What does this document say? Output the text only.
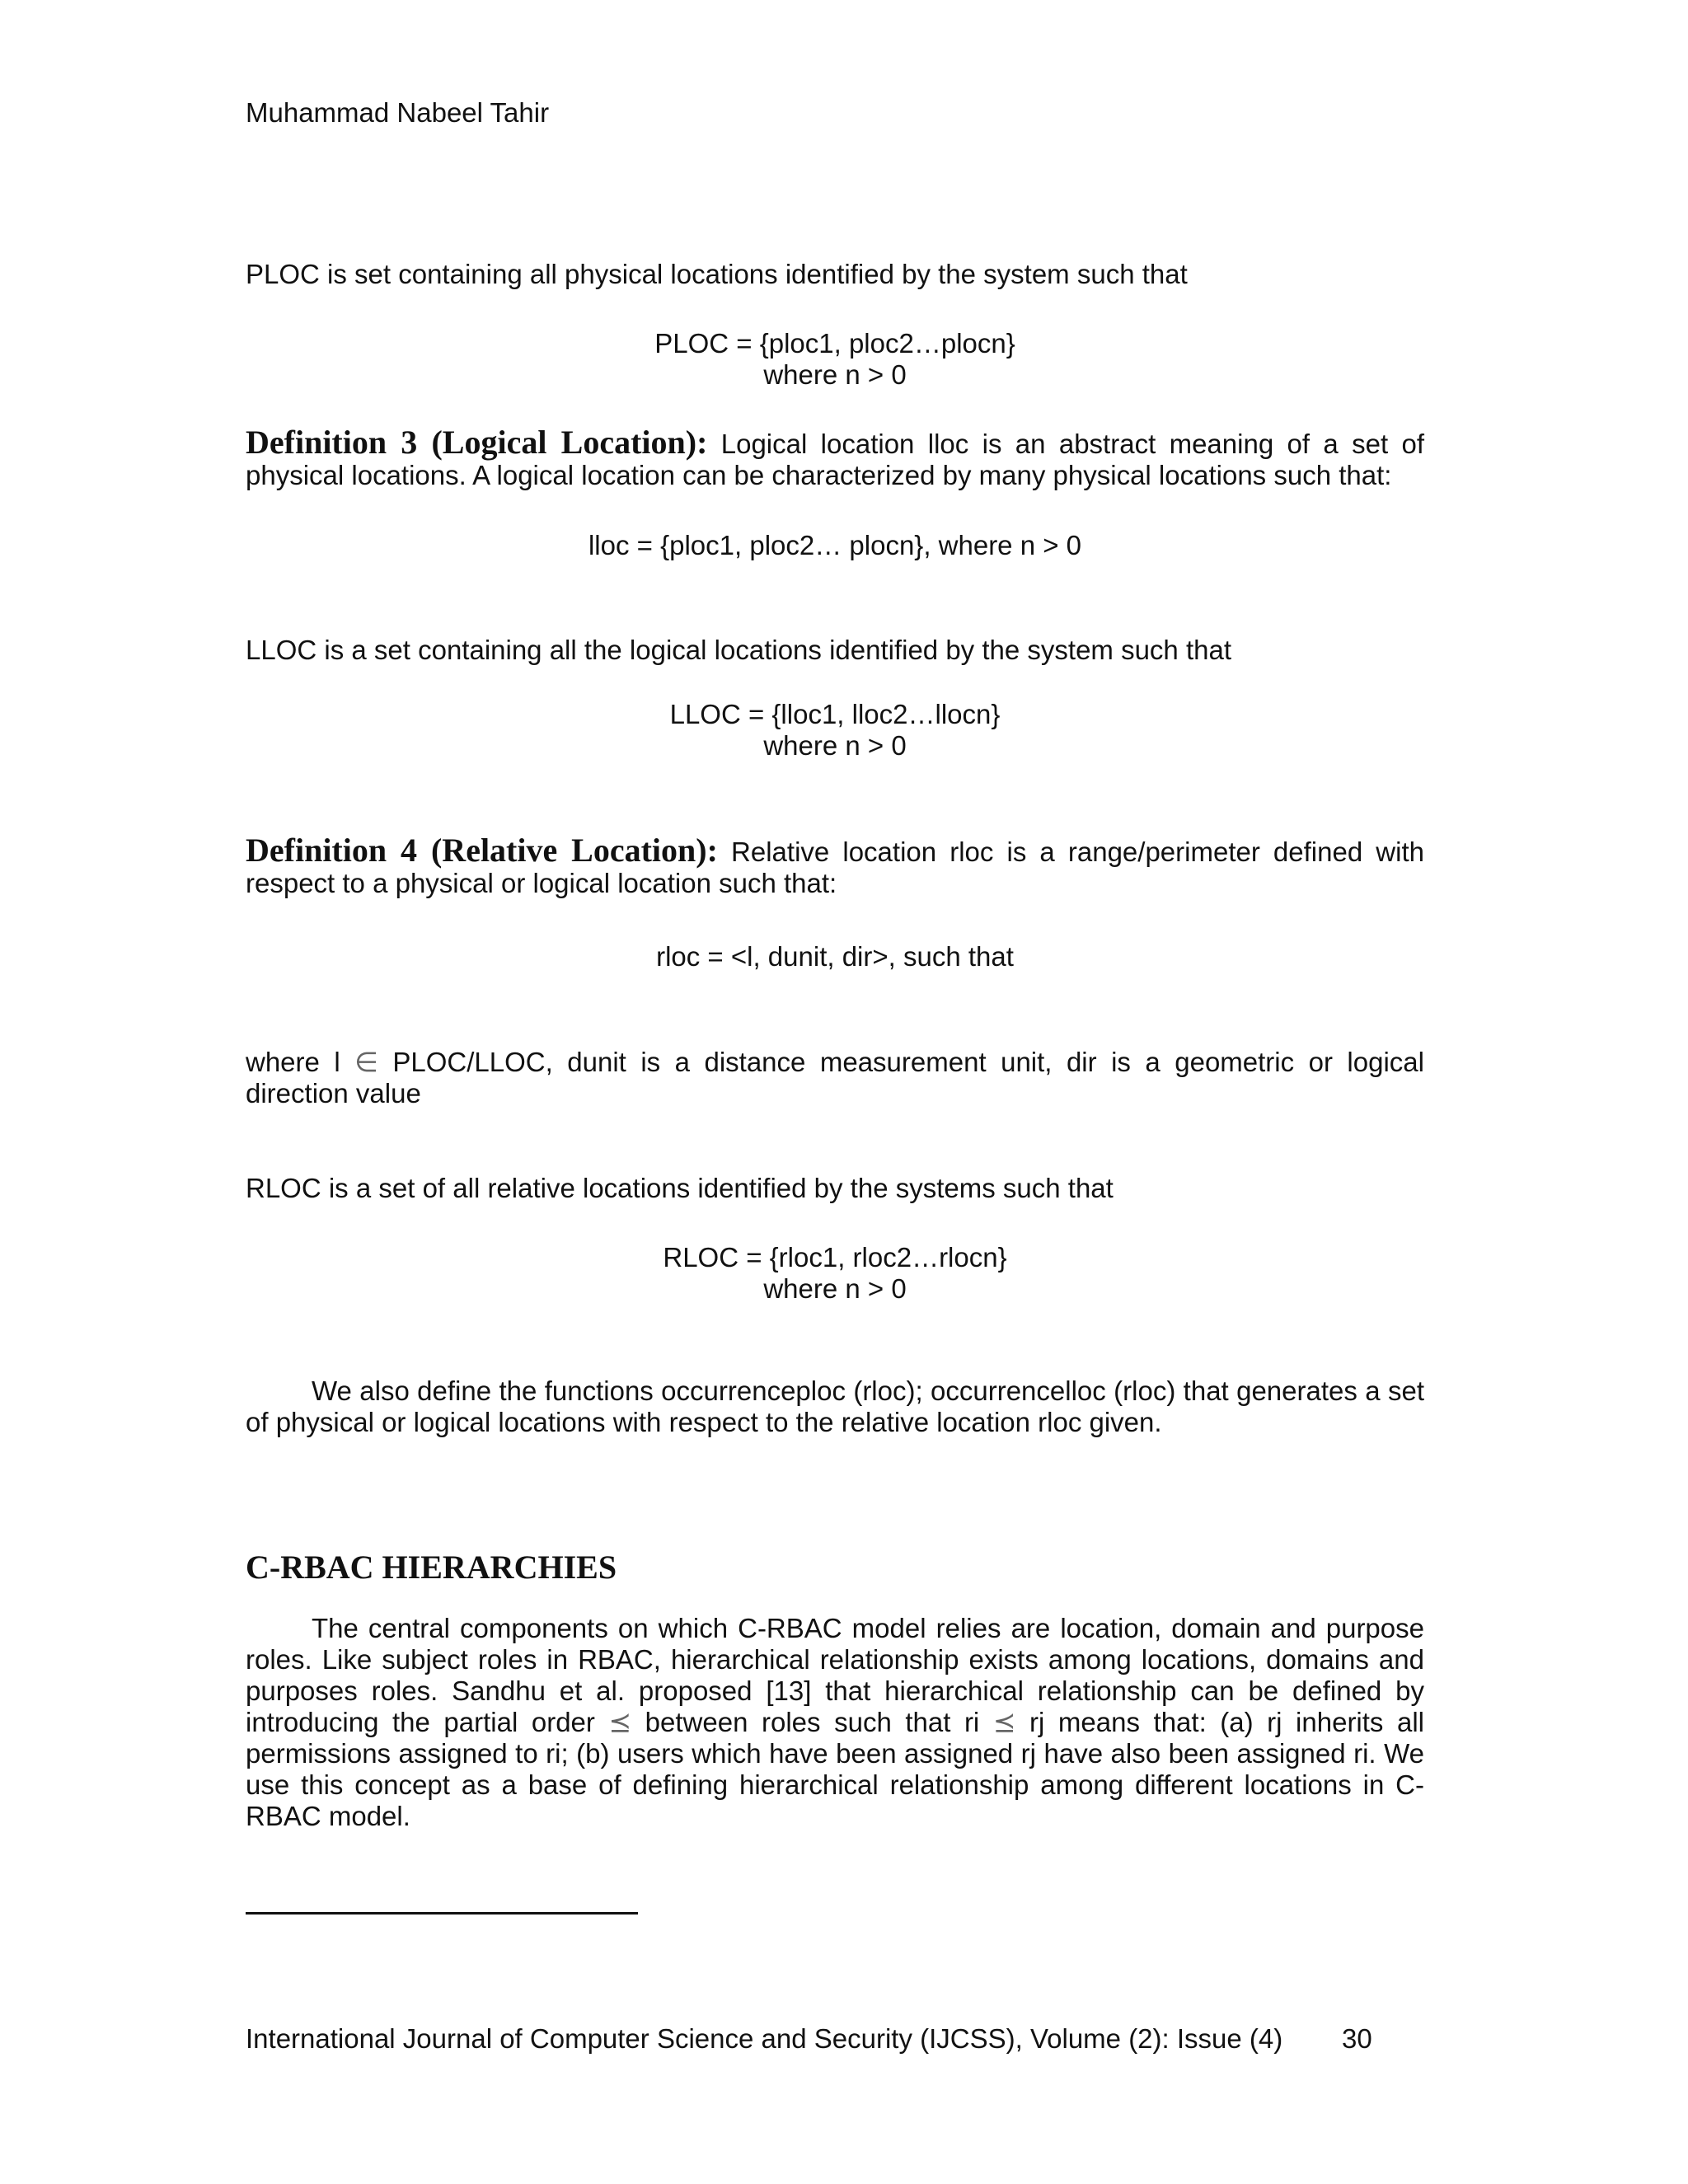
Muhammad Nabeel Tahir

PLOC is set containing all physical locations identified by the system such that

PLOC = {ploc1, ploc2…plocn}

where n > 0

Definition 3 (Logical Location): Logical location lloc is an abstract meaning of a set of physical locations. A logical location can be characterized by many physical locations such that:

lloc = {ploc1, ploc2… plocn}, where n > 0

LLOC is a set containing all the logical locations identified by the system such that

LLOC = {lloc1, lloc2…llocn}

where n > 0

Definition 4 (Relative Location): Relative location rloc is a range/perimeter defined with respect to a physical or logical location such that:

rloc = <l, dunit, dir>, such that

where l ∈ PLOC/LLOC, dunit is a distance measurement unit, dir is a geometric or logical direction value

RLOC is a set of all relative locations identified by the systems such that

RLOC = {rloc1, rloc2…rlocn}

where n > 0

We also define the functions occurrenceploc (rloc); occurrencelloc (rloc) that generates a set of physical or logical locations with respect to the relative location rloc given.

C-RBAC HIERARCHIES

The central components on which C-RBAC model relies are location, domain and purpose roles. Like subject roles in RBAC, hierarchical relationship exists among locations, domains and purposes roles. Sandhu et al. proposed [13] that hierarchical relationship can be defined by introducing the partial order ⪯ between roles such that ri ⪯ rj means that: (a) rj inherits all permissions assigned to ri; (b) users which have been assigned rj have also been assigned ri. We use this concept as a base of defining hierarchical relationship among different locations in C-RBAC model.

International Journal of Computer Science and Security (IJCSS), Volume (2): Issue (4) 30
